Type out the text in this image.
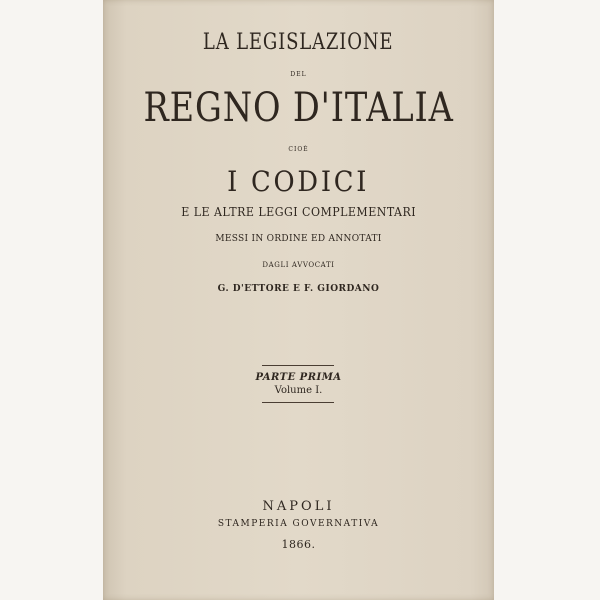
LA LEGISLAZIONE
DEL
REGNO D'ITALIA
CIOÈ
I CODICI
E LE ALTRE LEGGI COMPLEMENTARI
MESSI IN ORDINE ED ANNOTATI
DAGLI AVVOCATI
G. D'ETTORE E F. GIORDANO
PARTE PRIMA
Volume I.
NAPOLI
STAMPERIA GOVERNATIVA
1866.
